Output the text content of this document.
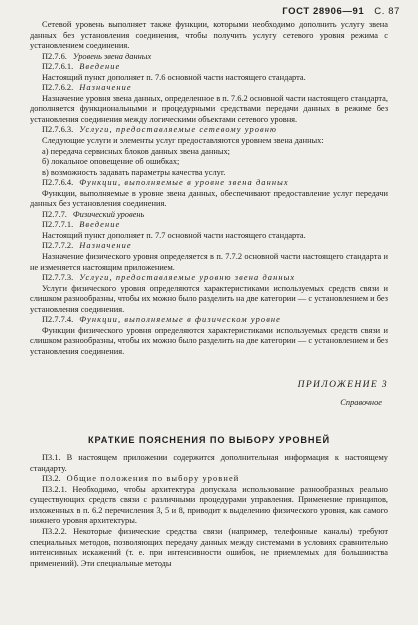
ГОСТ 28906—91 С. 87
Сетевой уровень выполняет также функции, которыми необходимо дополнить услугу звена данных без установления соединения, чтобы получить услугу сетевого уровня режима с установлением соединения.
П2.7.6. Уровень звена данных
П2.7.6.1. Введение
Настоящий пункт дополняет п. 7.6 основной части настоящего стандарта.
П2.7.6.2. Назначение
Назначение уровня звена данных, определенное в п. 7.6.2 основной части настоящего стандарта, дополняется функциональными и процедурными средствами передачи данных в режиме без установления соединения между логическими объектами сетевого уровня.
П2.7.6.3. Услуги, предоставляемые сетевому уровню
Следующие услуги и элементы услуг предоставляются уровнем звена данных:
а) передача сервисных блоков данных звена данных;
б) локальное оповещение об ошибках;
в) возможность задавать параметры качества услуг.
П2.7.6.4. Функции, выполняемые в уровне звена данных
Функции, выполняемые в уровне звена данных, обеспечивают предоставление услуг передачи данных без установления соединения.
П2.7.7. Физический уровень
П2.7.7.1. Введение
Настоящий пункт дополняет п. 7.7 основной части настоящего стандарта.
П2.7.7.2. Назначение
Назначение физического уровня определяется в п. 7.7.2 основной части настоящего стандарта и не изменяется настоящим приложением.
П2.7.7.3. Услуги, предоставляемые уровню звена данных
Услуги физического уровня определяются характеристиками используемых средств связи и слишком разнообразны, чтобы их можно было разделить на две категории — с установлением и без установления соединения.
П2.7.7.4. Функции, выполняемые в физическом уровне
Функции физического уровня определяются характеристиками используемых средств связи и слишком разнообразны, чтобы их можно было разделить на две категории — с установлением и без установления соединения.
ПРИЛОЖЕНИЕ 3
Справочное
КРАТКИЕ ПОЯСНЕНИЯ ПО ВЫБОРУ УРОВНЕЙ
П3.1. В настоящем приложении содержится дополнительная информация к настоящему стандарту.
П3.2. Общие положения по выбору уровней
П3.2.1. Необходимо, чтобы архитектура допускала использование разнообразных реально существующих средств связи с различными процедурами управления. Применение принципов, изложенных в п. 6.2 перечисления 3, 5 и 8, приводит к выделению физического уровня, как самого нижнего уровня архитектуры.
П3.2.2. Некоторые физические средства связи (например, телефонные каналы) требуют специальных методов, позволяющих передачу данных между системами в условиях сравнительно интенсивных искажений (т. е. при интенсивности ошибок, не приемлемых для большинства применений). Эти специальные методы
